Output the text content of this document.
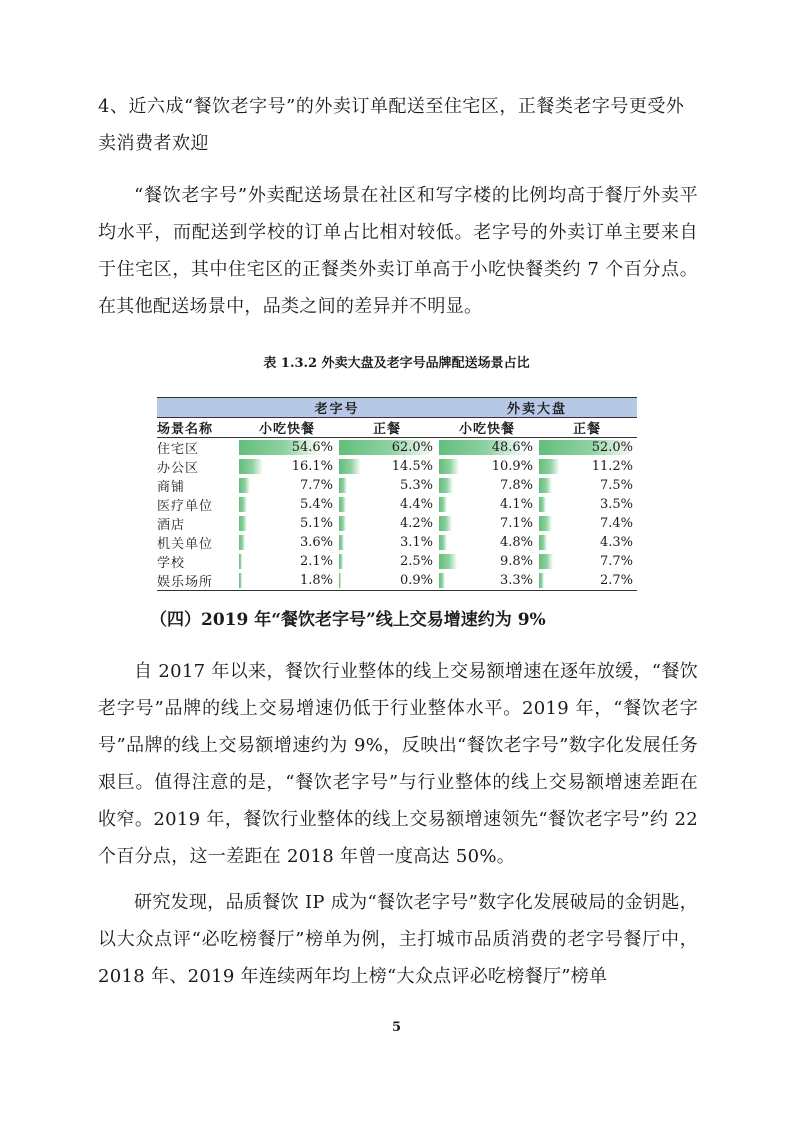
4、近六成“餐饮老字号”的外卖订单配送至住宅区，正餐类老字号更受外卖消费者欢迎

“餐饮老字号”外卖配送场景在社区和写字楼的比例均高于餐厅外卖平均水平，而配送到学校的订单占比相对较低。老字号的外卖订单主要来自于住宅区，其中住宅区的正餐类外卖订单高于小吃快餐类约 7 个百分点。在其他配送场景中，品类之间的差异并不明显。

表 1.3.2 外卖大盘及老字号品牌配送场景占比
	老字号		外卖大盘	
场景名称	小吃快餐	正餐	小吃快餐	正餐
住宅区	54.6%	62.0%	48.6%	52.0%
办公区	16.1%	14.5%	10.9%	11.2%
商铺	7.7%	5.3%	7.8%	7.5%
医疗单位	5.4%	4.4%	4.1%	3.5%
酒店	5.1%	4.2%	7.1%	7.4%
机关单位	3.6%	3.1%	4.8%	4.3%
学校	2.1%	2.5%	9.8%	7.7%
娱乐场所	1.8%	0.9%	3.3%	2.7%
（四）2019 年“餐饮老字号”线上交易增速约为 9%

自 2017 年以来，餐饮行业整体的线上交易额增速在逐年放缓，“餐饮老字号”品牌的线上交易增速仍低于行业整体水平。2019 年，“餐饮老字号”品牌的线上交易额增速约为 9%，反映出“餐饮老字号”数字化发展任务艰巨。值得注意的是，“餐饮老字号”与行业整体的线上交易额增速差距在收窄。2019 年，餐饮行业整体的线上交易额增速领先“餐饮老字号”约 22 个百分点，这一差距在 2018 年曾一度高达 50%。

研究发现，品质餐饮 IP 成为“餐饮老字号”数字化发展破局的金钥匙，以大众点评“必吃榜餐厅”榜单为例，主打城市品质消费的老字号餐厅中，2018 年、2019 年连续两年均上榜“大众点评必吃榜餐厅”榜单

5
